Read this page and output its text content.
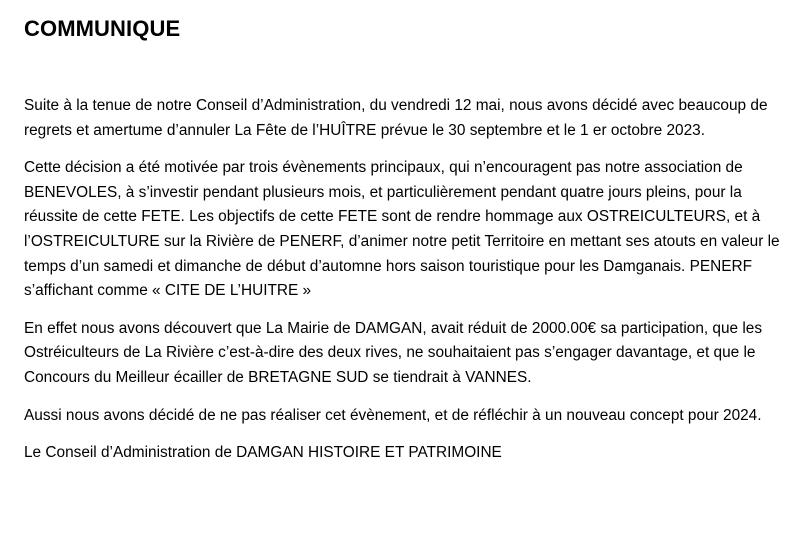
COMMUNIQUE

Suite à la tenue de notre Conseil d’Administration, du vendredi 12 mai, nous avons décidé avec beaucoup de regrets et amertume d’annuler La Fête de l’HUÎTRE prévue le 30 septembre et le 1 er octobre 2023.

Cette décision a été motivée par trois évènements principaux, qui n’encouragent pas notre association de BENEVOLES, à s’investir pendant plusieurs mois, et particulièrement pendant quatre jours pleins, pour la réussite de cette FETE. Les objectifs de cette FETE sont de rendre hommage aux OSTREICULTEURS, et à l’OSTREICULTURE sur la Rivière de PENERF, d’animer notre petit Territoire en mettant ses atouts en valeur le temps d’un samedi et dimanche de début d’automne hors saison touristique pour les Damganais. PENERF s’affichant comme « CITE DE L’HUITRE »

En effet nous avons découvert que La Mairie de DAMGAN, avait réduit de 2000.00€ sa participation, que les Ostréiculteurs de La Rivière c’est-à-dire des deux rives, ne souhaitaient pas s’engager davantage, et que le Concours du Meilleur écailler de BRETAGNE SUD se tiendrait à VANNES.

Aussi nous avons décidé de ne pas réaliser cet évènement, et de réfléchir à un nouveau concept pour 2024.

Le Conseil d’Administration de DAMGAN HISTOIRE ET PATRIMOINE
